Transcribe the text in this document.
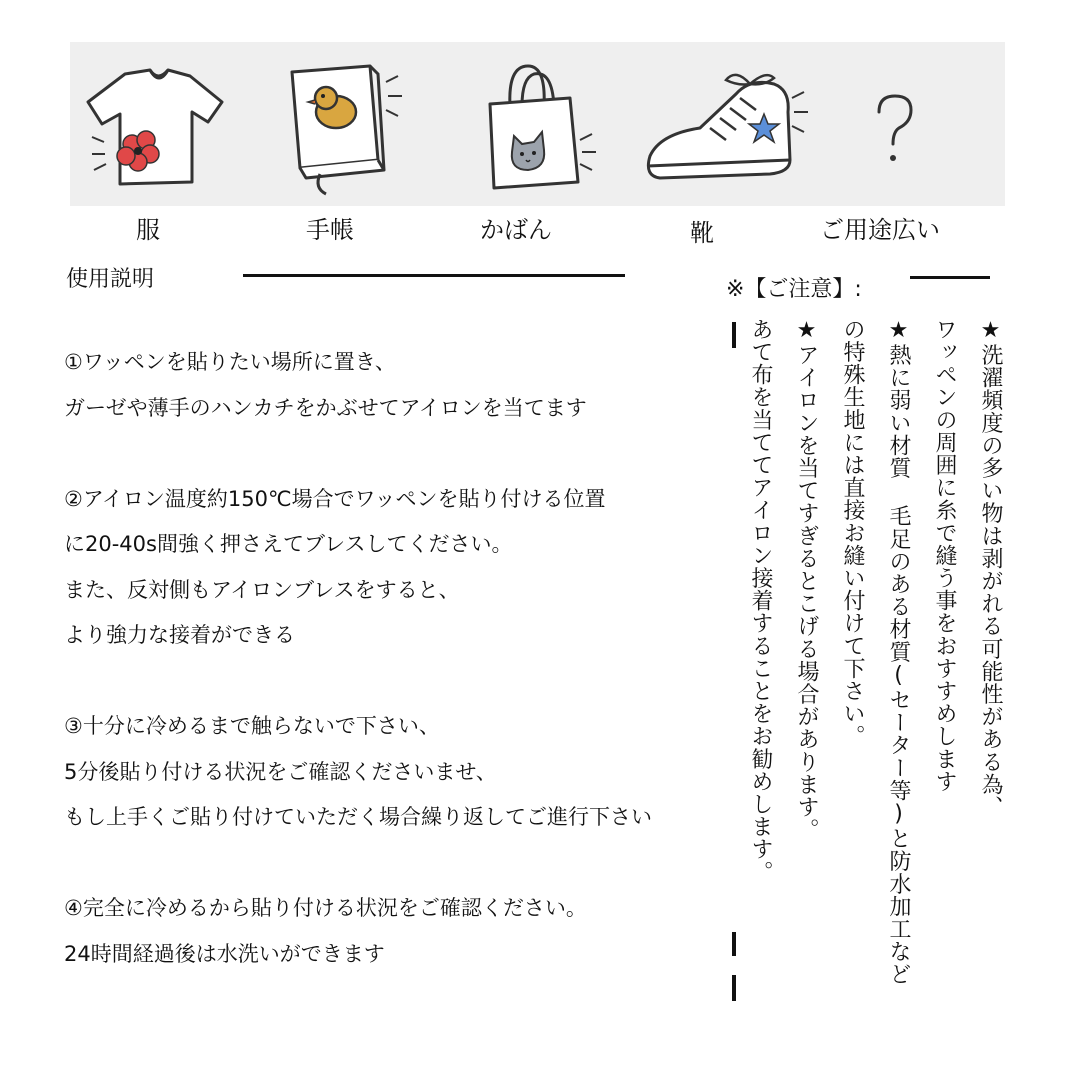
服	手帳	かばん	靴	ご用途広い
使用説明
①ワッペンを貼りたい場所に置き、
ガーゼや薄手のハンカチをかぶせてアイロンを当てます
②アイロン温度約150℃場合でワッペンを貼り付ける位置
に20-40s間強く押さえてブレスしてください。
また、反対側もアイロンブレスをすると、
より強力な接着ができる
③十分に冷めるまで触らないで下さい、
5分後貼り付ける状況をご確認くださいませ、
もし上手くご貼り付けていただく場合繰り返してご進行下さい
④完全に冷めるから貼り付ける状況をご確認ください。
24時間経過後は水洗いができます
※【ご注意】:
★洗濯頻度の多い物は剥がれる可能性がある為、
ワッペンの周囲に糸で縫う事をおすすめします
★熱に弱い材質 毛足のある材質(セーター等)と防水加工など
の特殊生地には直接お縫い付けて下さい。
★アイロンを当てすぎるとこげる場合があります。
あて布を当ててアイロン接着することをお勧めします。
